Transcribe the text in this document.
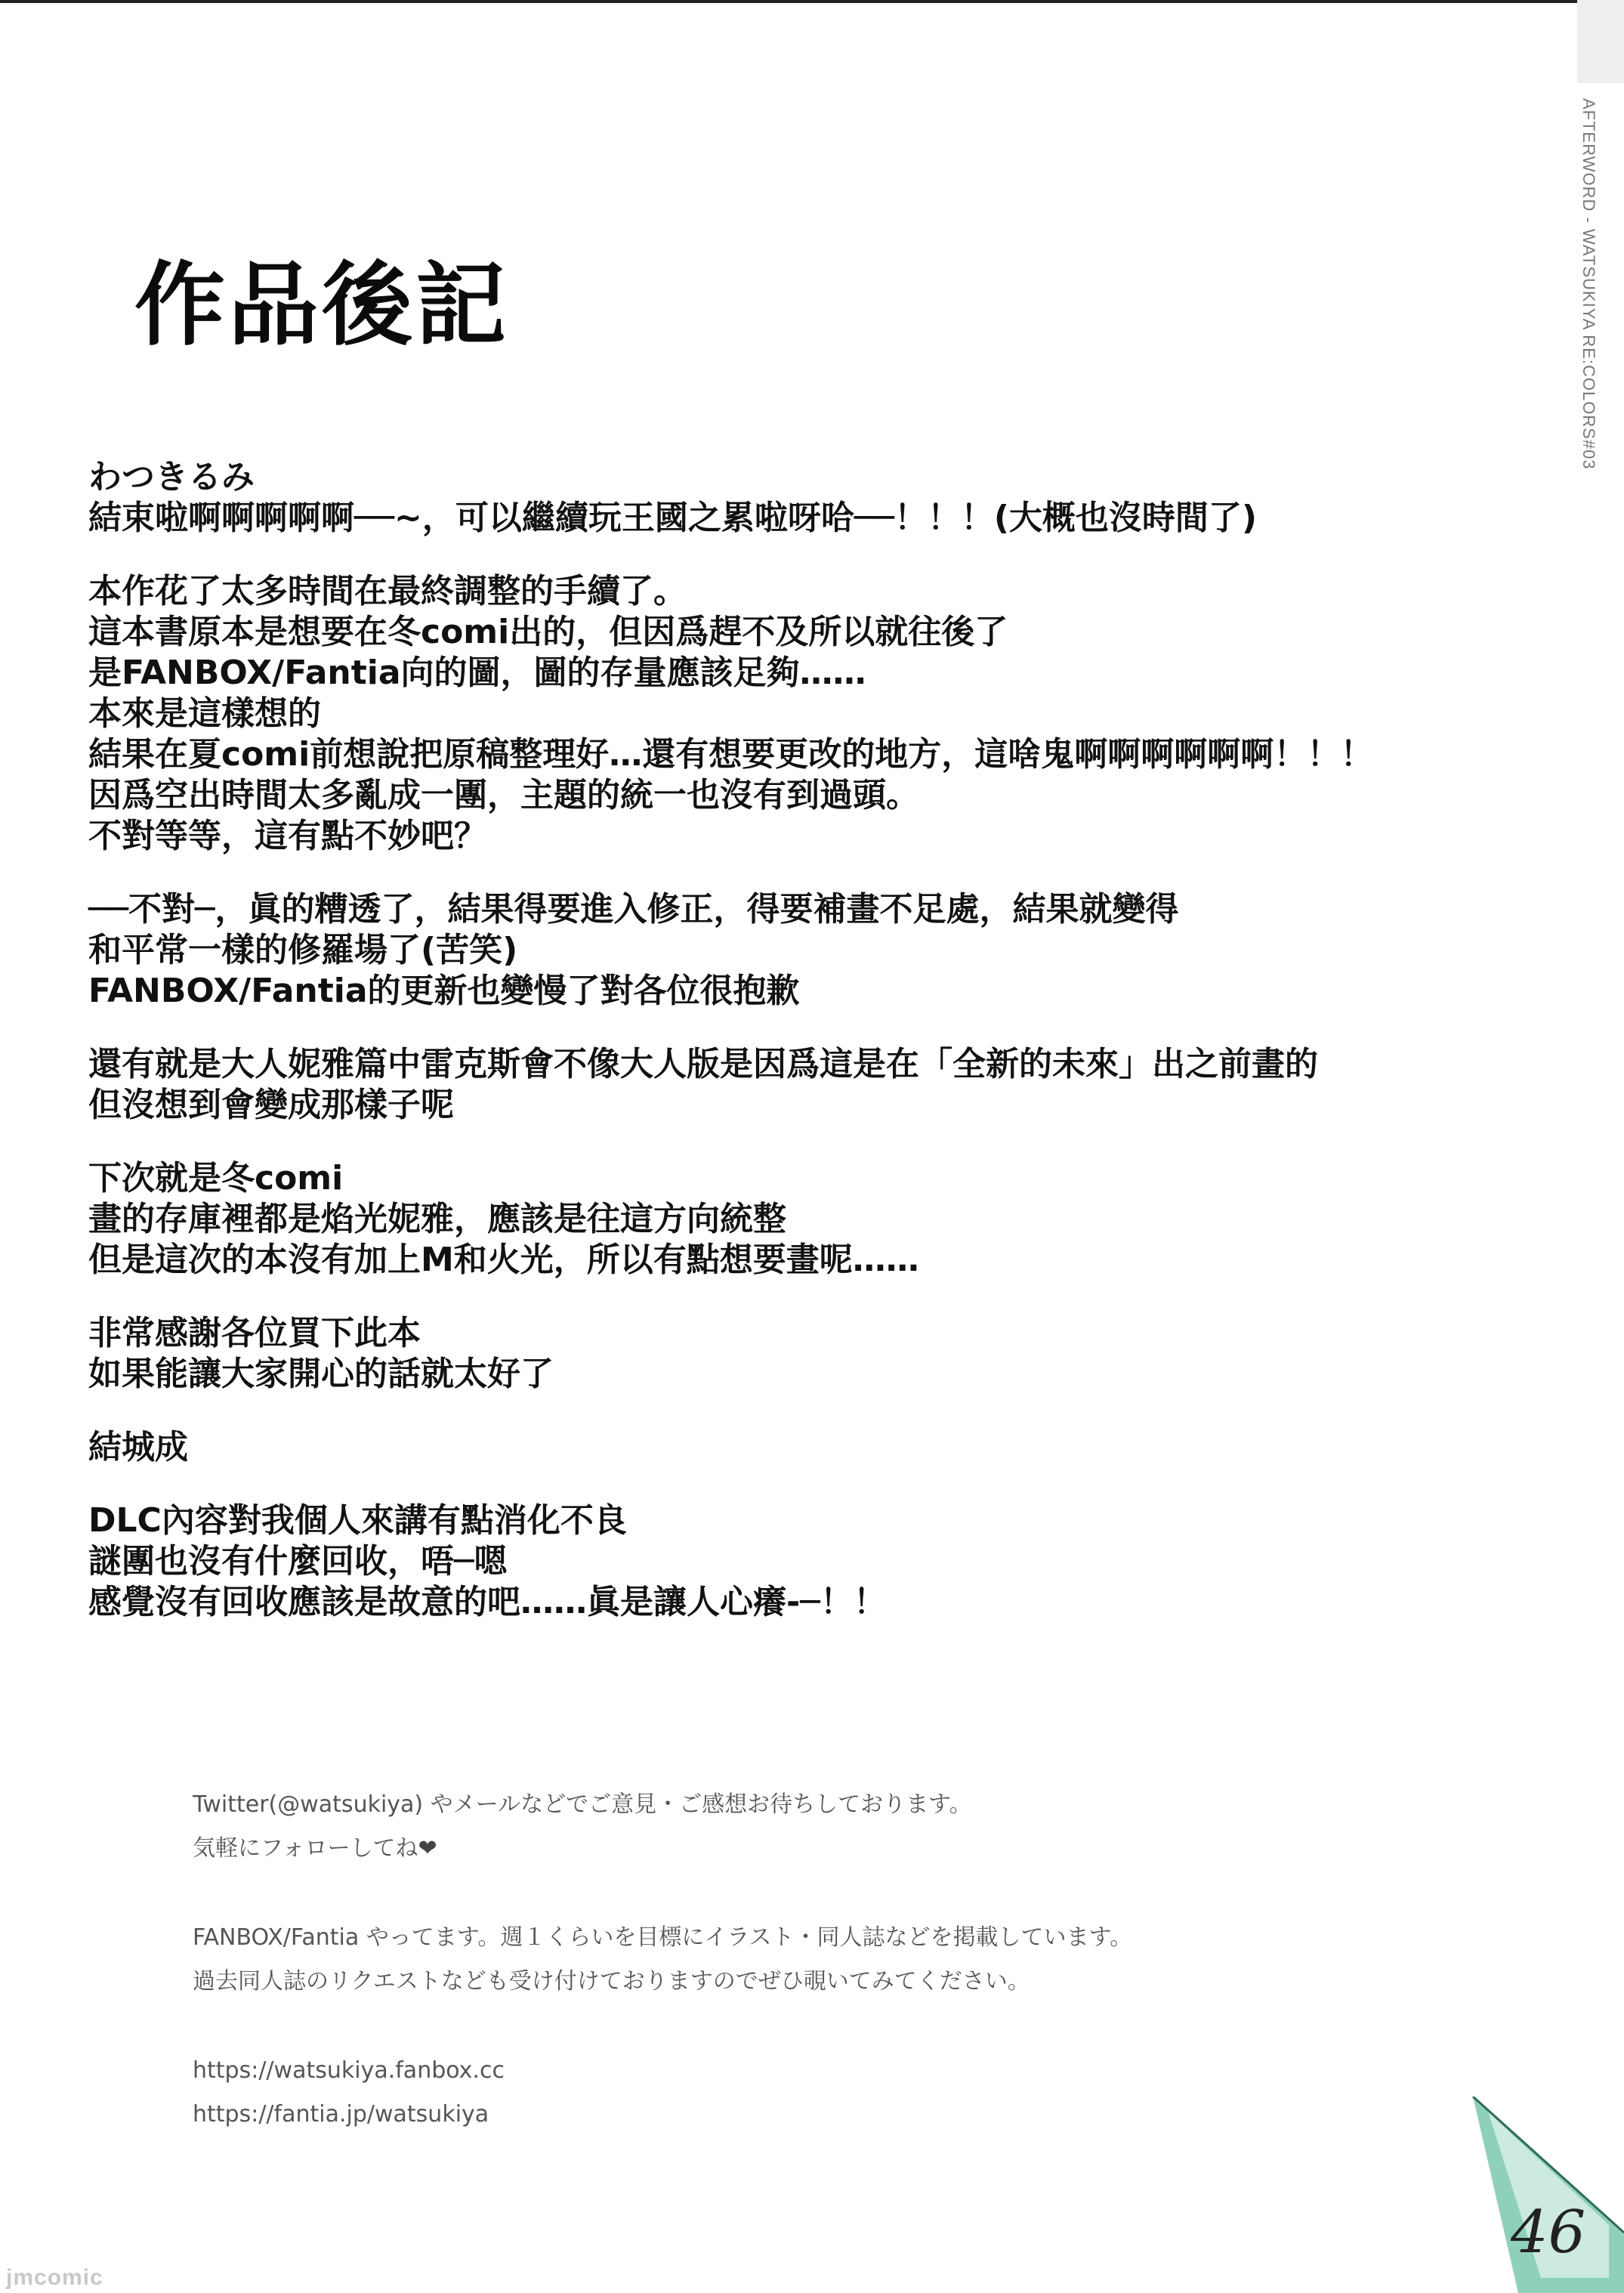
AFTERWORD - WATSUKIYA RE:COLORS#03
作品後記
わつきるみ
結束啦啊啊啊啊啊──~，可以繼續玩王國之累啦呀哈──！！！(大概也沒時間了)
本作花了太多時間在最終調整的手續了。
這本書原本是想要在冬comi出的，但因爲趕不及所以就往後了
是FANBOX/Fantia向的圖，圖的存量應該足夠……
本來是這樣想的
結果在夏comi前想說把原稿整理好…還有想要更改的地方，這啥鬼啊啊啊啊啊啊！！！
因爲空出時間太多亂成一團，主題的統一也沒有到過頭。
不對等等，這有點不妙吧？
──不對─，眞的糟透了，結果得要進入修正，得要補畫不足處，結果就變得
和平常一樣的修羅場了(苦笑)
FANBOX/Fantia的更新也變慢了對各位很抱歉
還有就是大人妮雅篇中雷克斯會不像大人版是因爲這是在「全新的未來」出之前畫的
但沒想到會變成那樣子呢
下次就是冬comi
畫的存庫裡都是焰光妮雅，應該是往這方向統整
但是這次的本沒有加上M和火光，所以有點想要畫呢……
非常感謝各位買下此本
如果能讓大家開心的話就太好了
結城成
DLC內容對我個人來講有點消化不良
謎團也沒有什麼回收，唔─嗯
感覺沒有回收應該是故意的吧……眞是讓人心癢-─！！
Twitter(@watsukiya) やメールなどでご意見・ご感想お待ちしております。
気軽にフォローしてね❤
FANBOX/Fantia やってます。週１くらいを目標にイラスト・同人誌などを掲載しています。
過去同人誌のリクエストなども受け付けておりますのでぜひ覗いてみてください。
https://watsukiya.fanbox.cc
https://fantia.jp/watsukiya
46
jmcomic
